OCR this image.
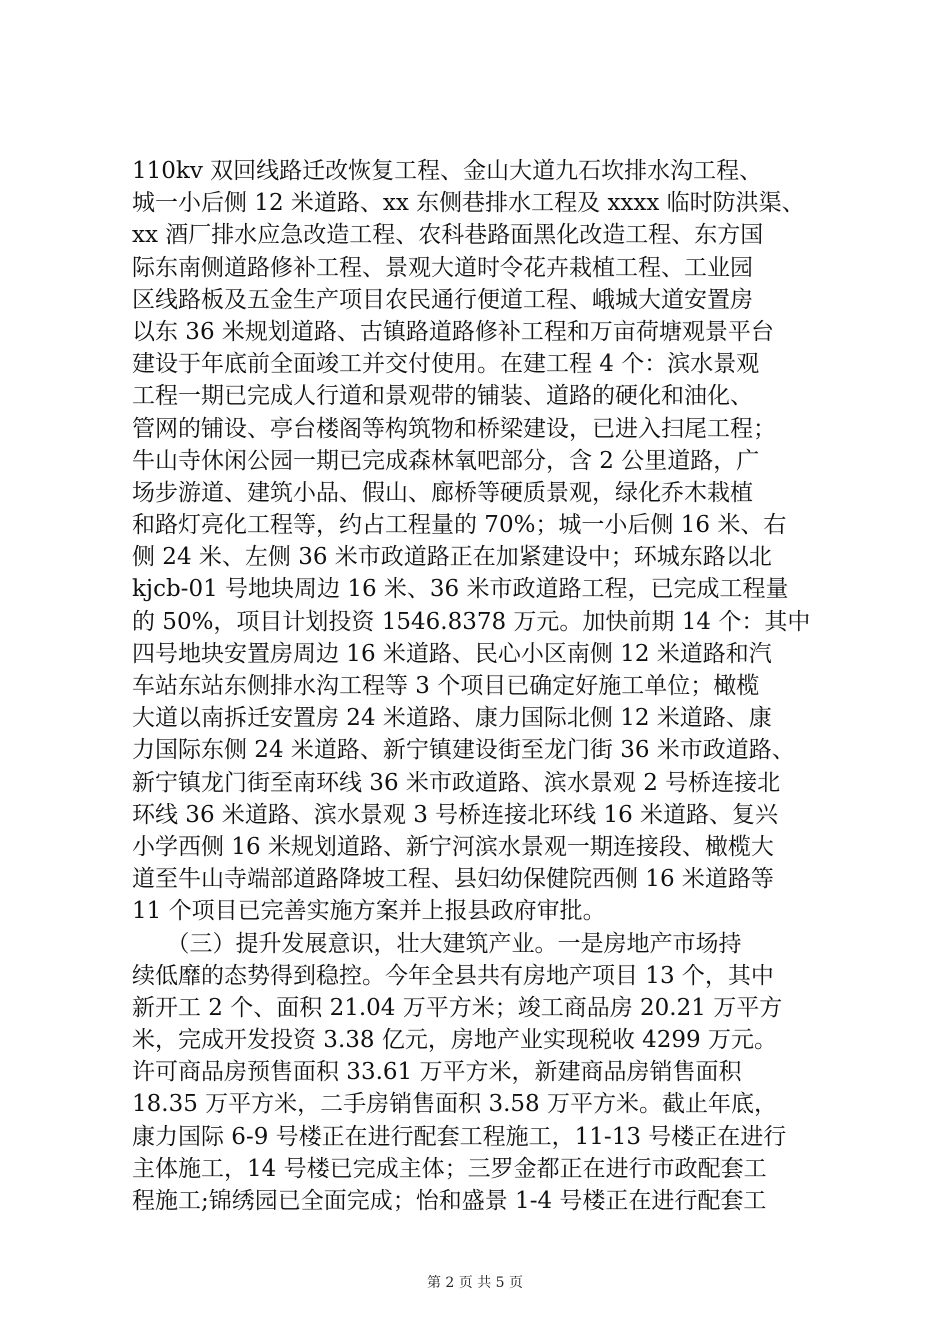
110kv 双回线路迁改恢复工程、金山大道九石坎排水沟工程、
城一小后侧 12 米道路、xx 东侧巷排水工程及 xxxx 临时防洪渠、
xx 酒厂排水应急改造工程、农科巷路面黑化改造工程、东方国
际东南侧道路修补工程、景观大道时令花卉栽植工程、工业园
区线路板及五金生产项目农民通行便道工程、峨城大道安置房
以东 36 米规划道路、古镇路道路修补工程和万亩荷塘观景平台
建设于年底前全面竣工并交付使用。在建工程 4 个：滨水景观
工程一期已完成人行道和景观带的铺装、道路的硬化和油化、
管网的铺设、亭台楼阁等构筑物和桥梁建设，已进入扫尾工程；
牛山寺休闲公园一期已完成森林氧吧部分，含 2 公里道路，广
场步游道、建筑小品、假山、廊桥等硬质景观，绿化乔木栽植
和路灯亮化工程等，约占工程量的 70%；城一小后侧 16 米、右
侧 24 米、左侧 36 米市政道路正在加紧建设中；环城东路以北
kjcb-01 号地块周边 16 米、36 米市政道路工程，已完成工程量
的 50%，项目计划投资 1546.8378 万元。加快前期 14 个：其中
四号地块安置房周边 16 米道路、民心小区南侧 12 米道路和汽
车站东站东侧排水沟工程等 3 个项目已确定好施工单位；橄榄
大道以南拆迁安置房 24 米道路、康力国际北侧 12 米道路、康
力国际东侧 24 米道路、新宁镇建设街至龙门街 36 米市政道路、
新宁镇龙门街至南环线 36 米市政道路、滨水景观 2 号桥连接北
环线 36 米道路、滨水景观 3 号桥连接北环线 16 米道路、复兴
小学西侧 16 米规划道路、新宁河滨水景观一期连接段、橄榄大
道至牛山寺端部道路降坡工程、县妇幼保健院西侧 16 米道路等
11 个项目已完善实施方案并上报县政府审批。
　　（三）提升发展意识，壮大建筑产业。一是房地产市场持
续低靡的态势得到稳控。今年全县共有房地产项目 13 个，其中
新开工 2 个、面积 21.04 万平方米；竣工商品房 20.21 万平方
米，完成开发投资 3.38 亿元，房地产业实现税收 4299 万元。
许可商品房预售面积 33.61 万平方米，新建商品房销售面积
18.35 万平方米，二手房销售面积 3.58 万平方米。截止年底，
康力国际 6-9 号楼正在进行配套工程施工，11-13 号楼正在进行
主体施工，14 号楼已完成主体；三罗金都正在进行市政配套工
程施工;锦绣园已全面完成；怡和盛景 1-4 号楼正在进行配套工
第 2 页 共 5 页
